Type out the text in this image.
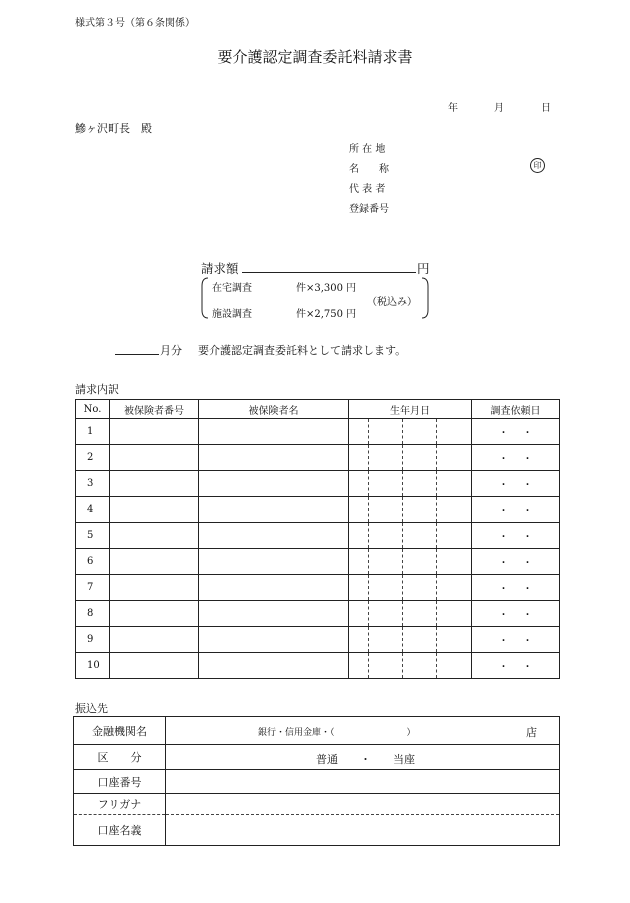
様式第３号（第６条関係）
要介護認定調査委託料請求書
年	月	日
鰺ヶ沢町長　殿
所 在 地
名　　称	印
代 表 者
登録番号
請求額	円
在宅調査	件×3,300 円
（税込み）
施設調査	件×2,750 円
月分 要介護認定調査委託料として請求します。
請求内訳
No.	被保険者番号	被保険者名	生年月日				調査依頼日
1							・・
2							・・
3							・・
4							・・
5							・・
6							・・
7							・・
8							・・
9							・・
10							・・
振込先
金融機関名	銀行・信用金庫・（　　　　　　　　） 店

区　　分	普通　　・　　当座

口座番号	
フリガナ	
口座名義	
